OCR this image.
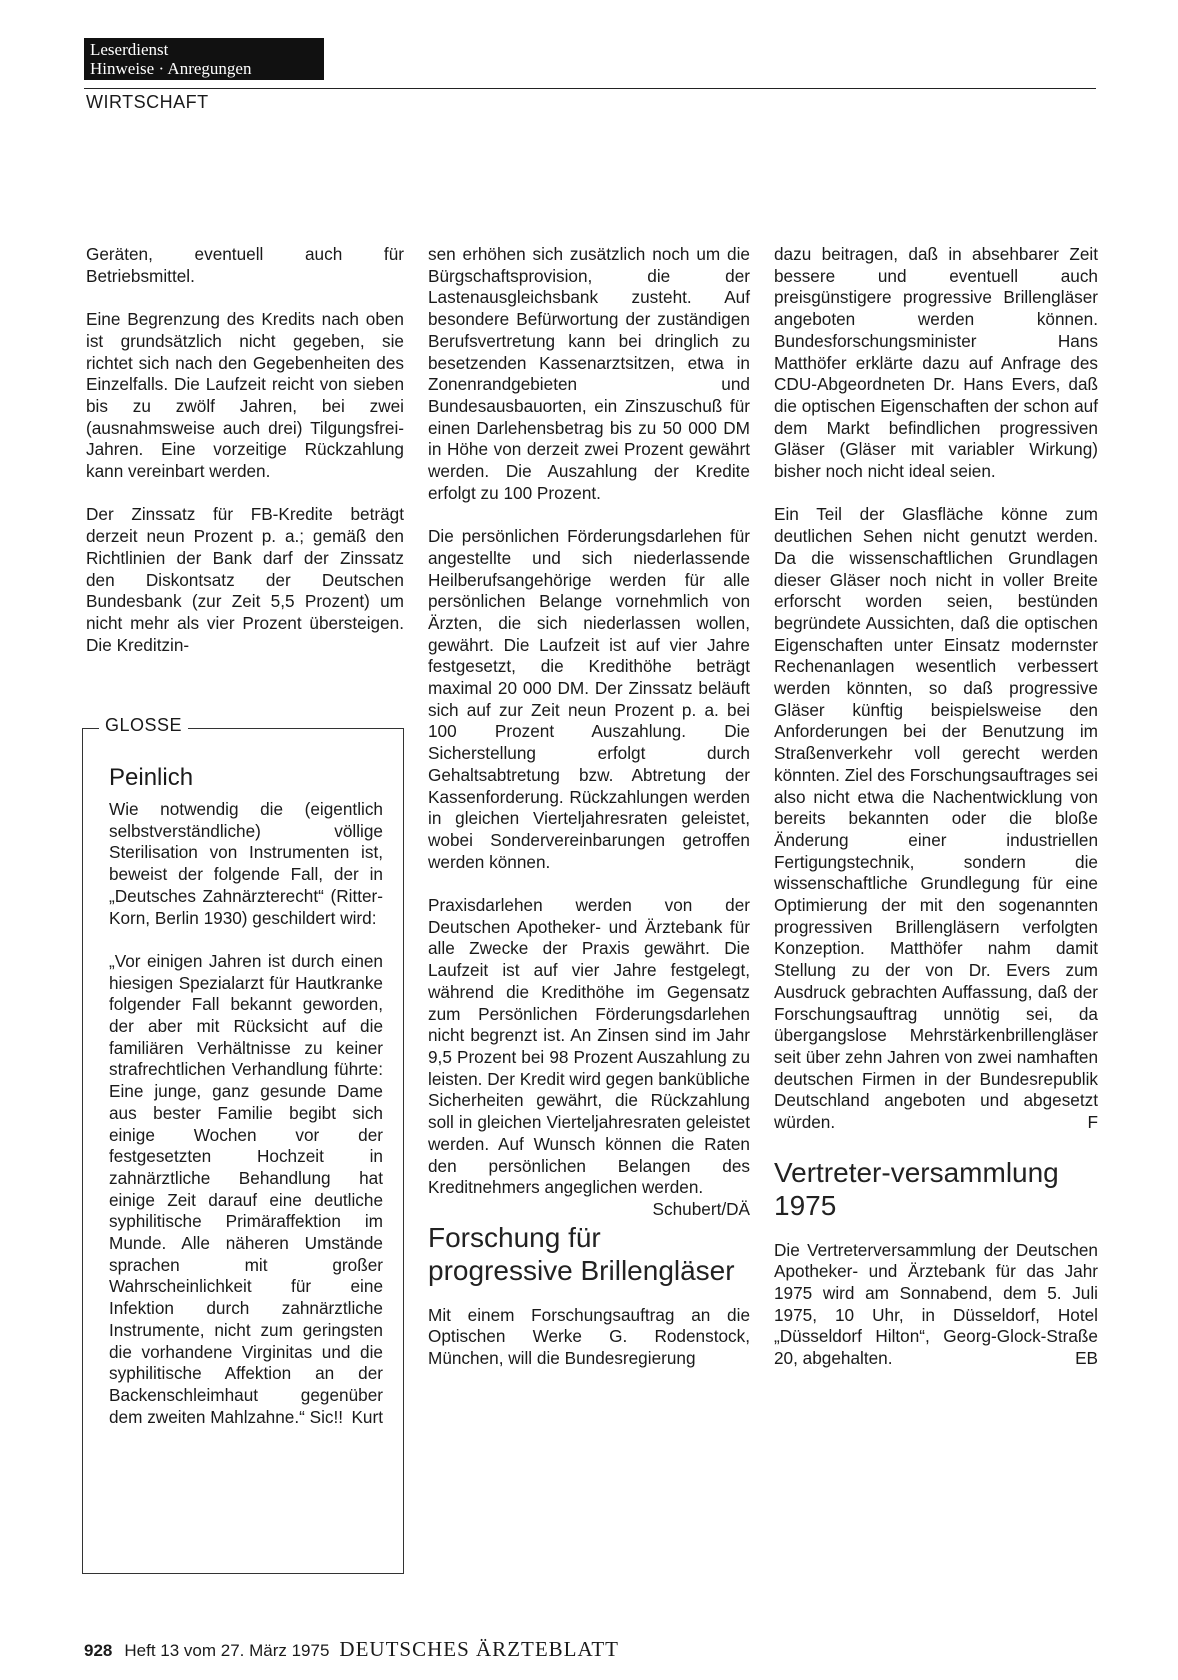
Leserdienst
Hinweise · Anregungen
WIRTSCHAFT

Geräten, eventuell auch für Betriebsmittel.

Eine Begrenzung des Kredits nach oben ist grundsätzlich nicht gegeben, sie richtet sich nach den Gegebenheiten des Einzelfalls. Die Laufzeit reicht von sieben bis zu zwölf Jahren, bei zwei (ausnahmsweise auch drei) Tilgungsfrei-Jahren. Eine vorzeitige Rückzahlung kann vereinbart werden.

Der Zinssatz für FB-Kredite beträgt derzeit neun Prozent p. a.; gemäß den Richtlinien der Bank darf der Zinssatz den Diskontsatz der Deutschen Bundesbank (zur Zeit 5,5 Prozent) um nicht mehr als vier Prozent übersteigen. Die Kreditzin-

GLOSSE
Peinlich

Wie notwendig die (eigentlich selbstverständliche) völlige Sterilisation von Instrumenten ist, beweist der folgende Fall, der in „Deutsches Zahnärzterecht“ (Ritter-Korn, Berlin 1930) geschildert wird:

„Vor einigen Jahren ist durch einen hiesigen Spezialarzt für Hautkranke folgender Fall bekannt geworden, der aber mit Rücksicht auf die familiären Verhältnisse zu keiner strafrechtlichen Verhandlung führte: Eine junge, ganz gesunde Dame aus bester Familie begibt sich einige Wochen vor der festgesetzten Hochzeit in zahnärztliche Behandlung hat einige Zeit darauf eine deutliche syphilitische Primäraffektion im Munde. Alle näheren Umstände sprachen mit großer Wahrscheinlichkeit für eine Infektion durch zahnärztliche Instrumente, nicht zum geringsten die vorhandene Virginitas und die syphilitische Affektion an der Backenschleimhaut gegenüber dem zweiten Mahlzahne.“ Sic!! Kurt

sen erhöhen sich zusätzlich noch um die Bürgschaftsprovision, die der Lastenausgleichsbank zusteht. Auf besondere Befürwortung der zuständigen Berufsvertretung kann bei dringlich zu besetzenden Kassenarztsitzen, etwa in Zonenrandgebieten und Bundesausbauorten, ein Zinszuschuß für einen Darlehensbetrag bis zu 50 000 DM in Höhe von derzeit zwei Prozent gewährt werden. Die Auszahlung der Kredite erfolgt zu 100 Prozent.

Die persönlichen Förderungsdarlehen für angestellte und sich niederlassende Heilberufsangehörige werden für alle persönlichen Belange vornehmlich von Ärzten, die sich niederlassen wollen, gewährt. Die Laufzeit ist auf vier Jahre festgesetzt, die Kredithöhe beträgt maximal 20 000 DM. Der Zinssatz beläuft sich auf zur Zeit neun Prozent p. a. bei 100 Prozent Auszahlung. Die Sicherstellung erfolgt durch Gehaltsabtretung bzw. Abtretung der Kassenforderung. Rückzahlungen werden in gleichen Vierteljahresraten geleistet, wobei Sondervereinbarungen getroffen werden können.

Praxisdarlehen werden von der Deutschen Apotheker- und Ärztebank für alle Zwecke der Praxis gewährt. Die Laufzeit ist auf vier Jahre festgelegt, während die Kredithöhe im Gegensatz zum Persönlichen Förderungsdarlehen nicht begrenzt ist. An Zinsen sind im Jahr 9,5 Prozent bei 98 Prozent Auszahlung zu leisten. Der Kredit wird gegen bankübliche Sicherheiten gewährt, die Rückzahlung soll in gleichen Vierteljahresraten geleistet werden. Auf Wunsch können die Raten den persönlichen Belangen des Kreditnehmers angeglichen werden.
Schubert/DÄ

Forschung für progressive Brillengläser

Mit einem Forschungsauftrag an die Optischen Werke G. Rodenstock, München, will die Bundesregierung

dazu beitragen, daß in absehbarer Zeit bessere und eventuell auch preisgünstigere progressive Brillengläser angeboten werden können. Bundesforschungsminister Hans Matthöfer erklärte dazu auf Anfrage des CDU-Abgeordneten Dr. Hans Evers, daß die optischen Eigenschaften der schon auf dem Markt befindlichen progressiven Gläser (Gläser mit variabler Wirkung) bisher noch nicht ideal seien.

Ein Teil der Glasfläche könne zum deutlichen Sehen nicht genutzt werden. Da die wissenschaftlichen Grundlagen dieser Gläser noch nicht in voller Breite erforscht worden seien, bestünden begründete Aussichten, daß die optischen Eigenschaften unter Einsatz modernster Rechenanlagen wesentlich verbessert werden könnten, so daß progressive Gläser künftig beispielsweise den Anforderungen bei der Benutzung im Straßenverkehr voll gerecht werden könnten. Ziel des Forschungsauftrages sei also nicht etwa die Nachentwicklung von bereits bekannten oder die bloße Änderung einer industriellen Fertigungstechnik, sondern die wissenschaftliche Grundlegung für eine Optimierung der mit den sogenannten progressiven Brillengläsern verfolgten Konzeption. Matthöfer nahm damit Stellung zu der von Dr. Evers zum Ausdruck gebrachten Auffassung, daß der Forschungsauftrag unnötig sei, da übergangslose Mehrstärkenbrillengläser seit über zehn Jahren von zwei namhaften deutschen Firmen in der Bundesrepublik Deutschland angeboten und abgesetzt würden.	F

Vertreter-versammlung 1975

Die Vertreterversammlung der Deutschen Apotheker- und Ärztebank für das Jahr 1975 wird am Sonnabend, dem 5. Juli 1975, 10 Uhr, in Düsseldorf, Hotel „Düsseldorf Hilton“, Georg-Glock-Straße 20, abgehalten.	EB

928 Heft 13 vom 27. März 1975 DEUTSCHES ÄRZTEBLATT
